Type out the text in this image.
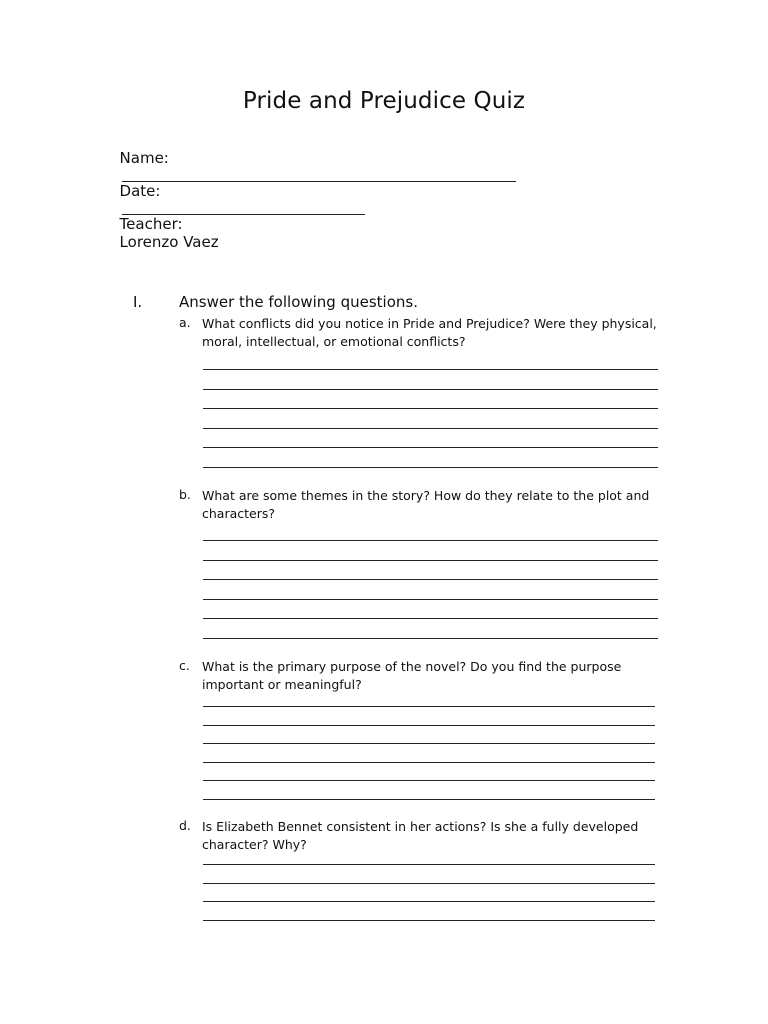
Pride and Prejudice Quiz

Name:

Date:

Teacher:
Lorenzo Vaez

I. Answer the following questions.
a. What conflicts did you notice in Pride and Prejudice? Were they physical, moral, intellectual, or emotional conflicts?
b. What are some themes in the story? How do they relate to the plot and characters?
c. What is the primary purpose of the novel? Do you find the purpose important or meaningful?
d. Is Elizabeth Bennet consistent in her actions? Is she a fully developed character? Why?
